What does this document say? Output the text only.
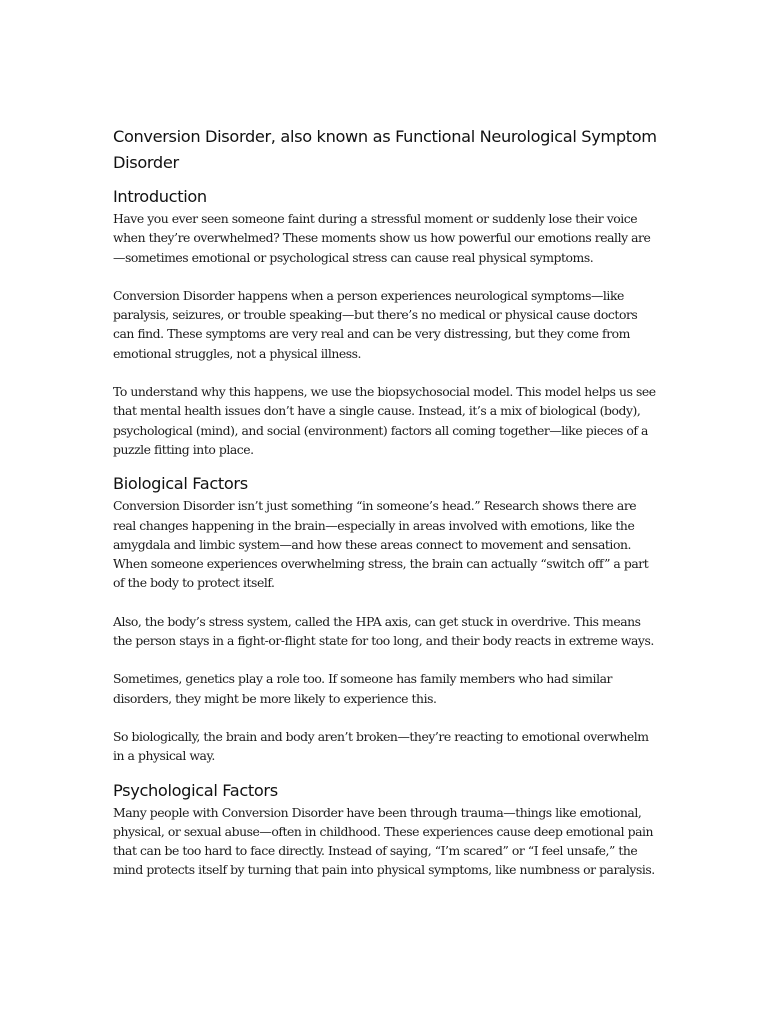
Conversion Disorder, also known as Functional Neurological Symptom Disorder
Introduction

Have you ever seen someone faint during a stressful moment or suddenly lose their voice when they’re overwhelmed? These moments show us how powerful our emotions really are—sometimes emotional or psychological stress can cause real physical symptoms.

Conversion Disorder happens when a person experiences neurological symptoms—like paralysis, seizures, or trouble speaking—but there’s no medical or physical cause doctors can find. These symptoms are very real and can be very distressing, but they come from emotional struggles, not a physical illness.

To understand why this happens, we use the biopsychosocial model. This model helps us see that mental health issues don’t have a single cause. Instead, it’s a mix of biological (body), psychological (mind), and social (environment) factors all coming together—like pieces of a puzzle fitting into place.

Biological Factors

Conversion Disorder isn’t just something “in someone’s head.” Research shows there are real changes happening in the brain—especially in areas involved with emotions, like the amygdala and limbic system—and how these areas connect to movement and sensation. When someone experiences overwhelming stress, the brain can actually “switch off” a part of the body to protect itself.

Also, the body’s stress system, called the HPA axis, can get stuck in overdrive. This means the person stays in a fight-or-flight state for too long, and their body reacts in extreme ways.

Sometimes, genetics play a role too. If someone has family members who had similar disorders, they might be more likely to experience this.

So biologically, the brain and body aren’t broken—they’re reacting to emotional overwhelm in a physical way.

Psychological Factors

Many people with Conversion Disorder have been through trauma—things like emotional, physical, or sexual abuse—often in childhood. These experiences cause deep emotional pain that can be too hard to face directly. Instead of saying, “I’m scared” or “I feel unsafe,” the mind protects itself by turning that pain into physical symptoms, like numbness or paralysis.
